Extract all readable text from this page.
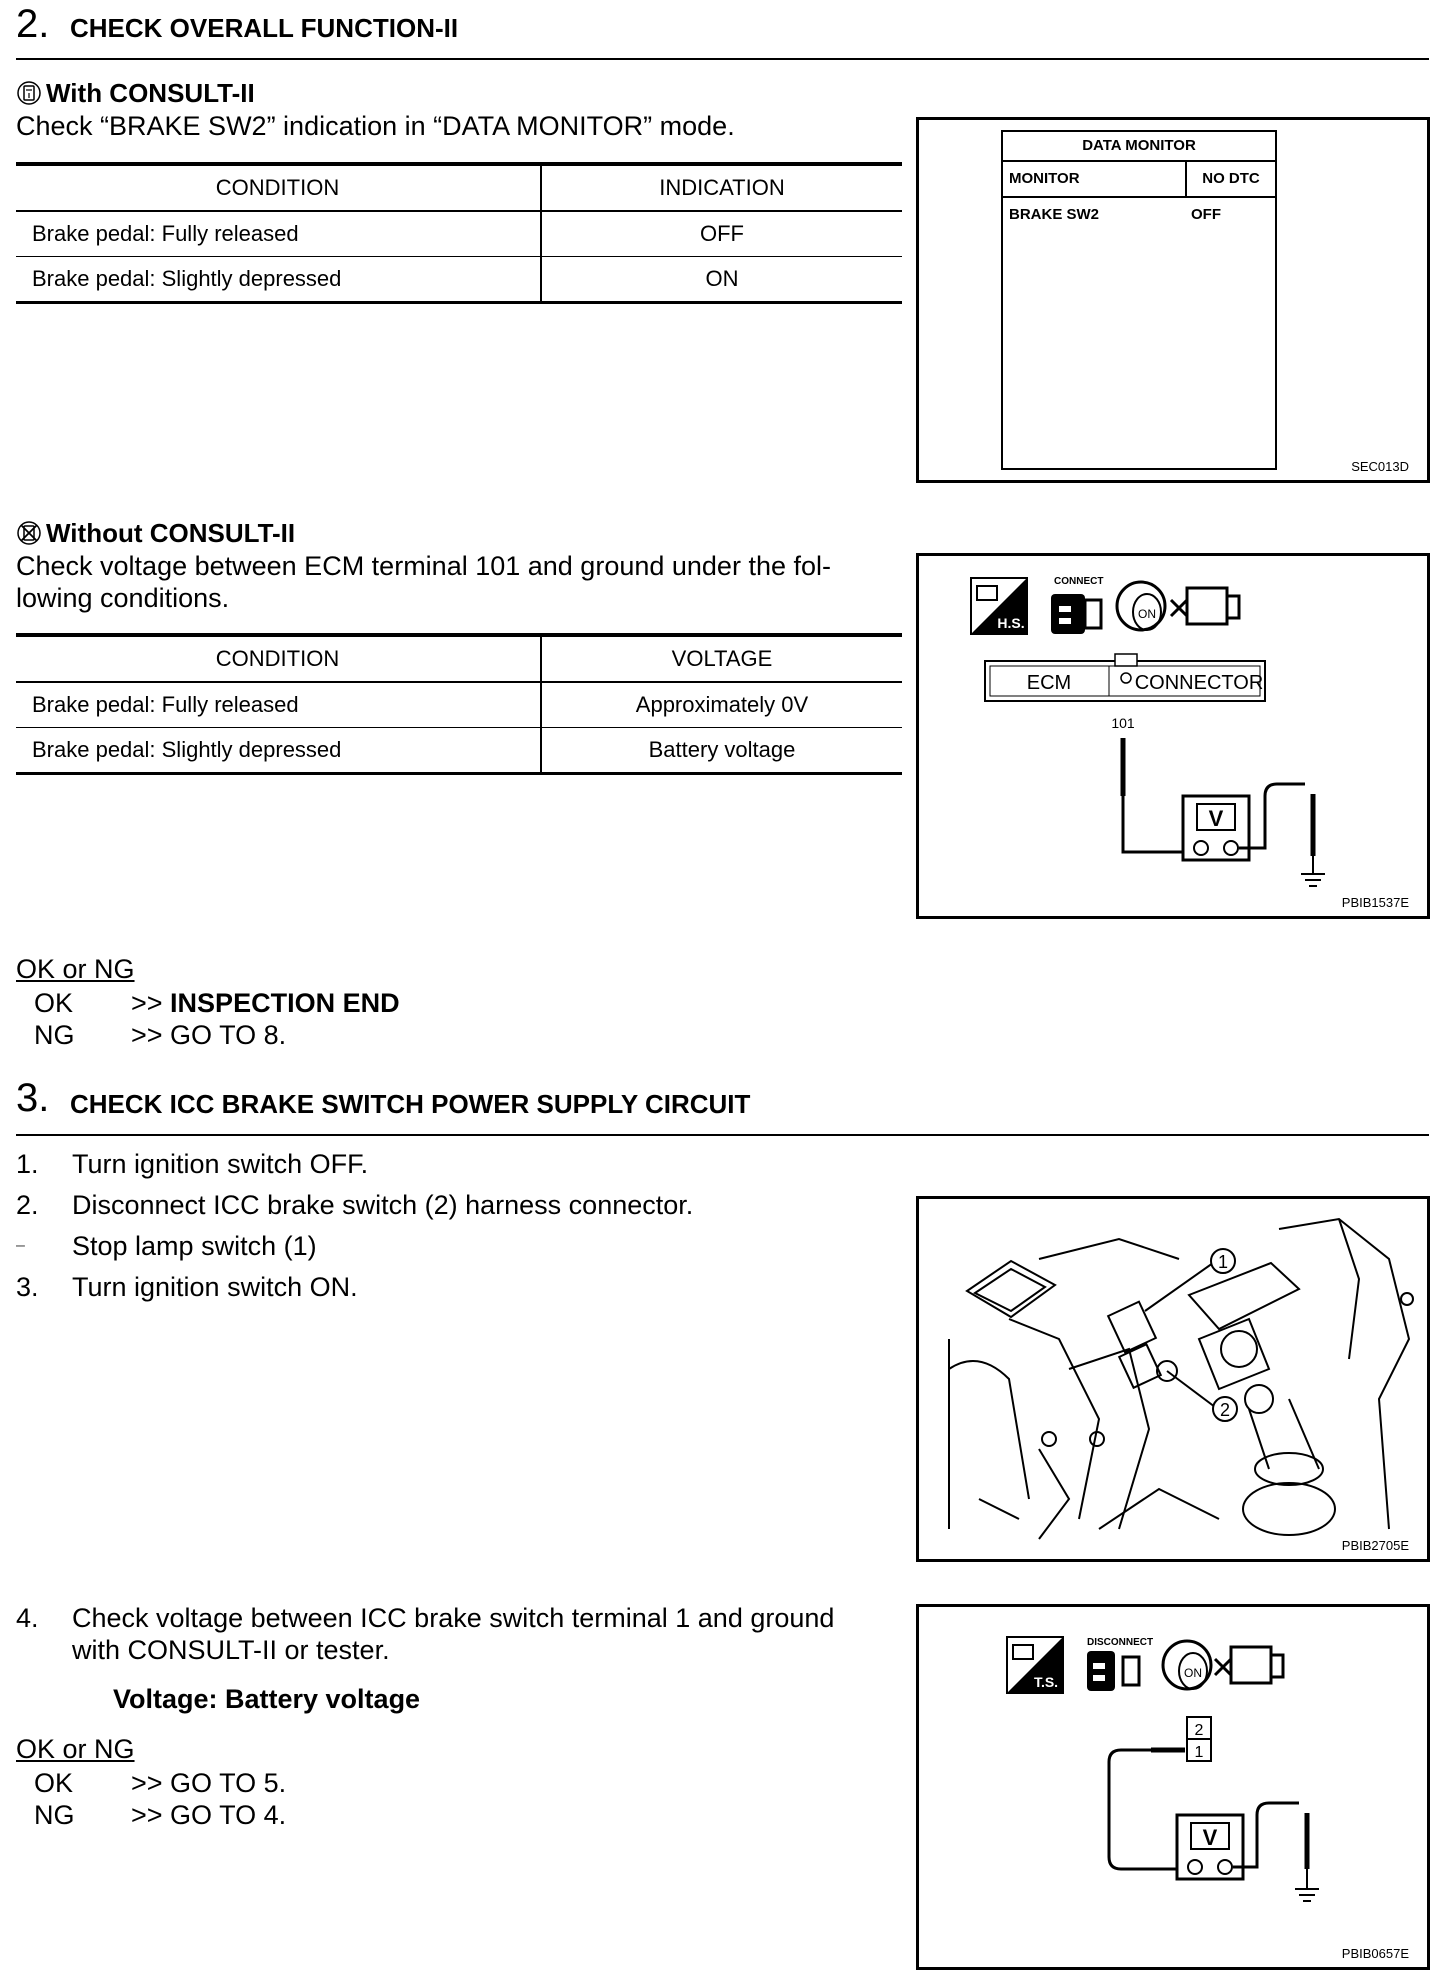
2. CHECK OVERALL FUNCTION-II
With CONSULT-II
Check “BRAKE SW2” indication in “DATA MONITOR” mode.
CONDITION	INDICATION
Brake pedal: Fully released	OFF
Brake pedal: Slightly depressed	ON
DATA MONITOR
MONITOR	NO DTC
BRAKE SW2	OFF
SEC013D
Without CONSULT-II
Check voltage between ECM terminal 101 and ground under the fol-
lowing conditions.
CONDITION	VOLTAGE
Brake pedal: Fully released	Approximately 0V
Brake pedal: Slightly depressed	Battery voltage
H.S.
CONNECT
ON
ECM	CONNECTOR
101
V
PBIB1537E
OK or NG
OK	>> INSPECTION END
NG	>> GO TO 8.
3. CHECK ICC BRAKE SWITCH POWER SUPPLY CIRCUIT
1.	Turn ignition switch OFF.
2.	Disconnect ICC brake switch (2) harness connector.
–	Stop lamp switch (1)
3.	Turn ignition switch ON.
1
2
PBIB2705E
4.	Check voltage between ICC brake switch terminal 1 and ground
with CONSULT-II or tester.
Voltage: Battery voltage
OK or NG
OK	>> GO TO 5.
NG	>> GO TO 4.
T.S.
DISCONNECT
ON
2
1
V
PBIB0657E
